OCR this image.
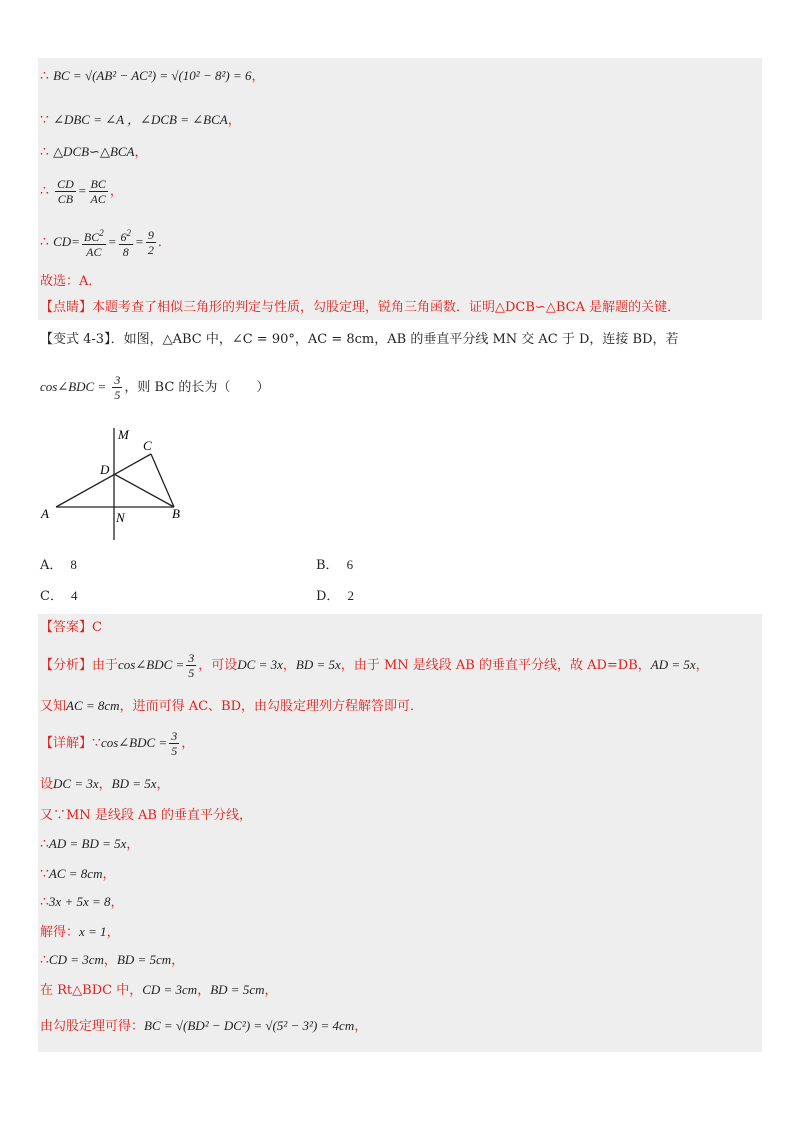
∴ BC = √(AB² − AC²) = √(10² − 8²) = 6，
∵ ∠DBC = ∠A ，∠DCB = ∠BCA，
∴ △DCB∽△BCA，
∴ $\frac{CD}{CB} = \frac{BC}{AC}$ ，
∴ $CD= \frac{BC^2}{AC} = \frac{6^2}{8} = \frac{9}{2}$ ．
故选：A．
【点睛】本题考查了相似三角形的判定与性质，勾股定理，锐角三角函数．证明△DCB∽△BCA 是解题的关键．
【变式 4-3】．如图，△ABC 中，∠C = 90°，AC = 8cm，AB 的垂直平分线 MN 交 AC 于 D，连接 BD，若
cos∠BDC = $\frac{3}{5}$ ，则 BC 的长为（　　）
M
C
D
A	N	B
A． 8	B． 6
C． 4	D． 2
【答案】C
【分析】由于cos∠BDC = $\frac{3}{5}$ ，可设DC = 3x，BD = 5x，由于 MN 是线段 AB 的垂直平分线，故 AD=DB，AD = 5x，
又知AC = 8cm，进而可得 AC、BD，由勾股定理列方程解答即可．
【详解】∵cos∠BDC = $\frac{3}{5}$ ，
设DC = 3x，BD = 5x，
又∵MN 是线段 AB 的垂直平分线，
∴AD = BD = 5x，
∵AC = 8cm，
∴3x + 5x = 8，
解得：x = 1，
∴CD = 3cm，BD = 5cm，
在 Rt△BDC 中，CD = 3cm，BD = 5cm，
由勾股定理可得：BC = √(BD² − DC²) = √(5² − 3²) = 4cm，
